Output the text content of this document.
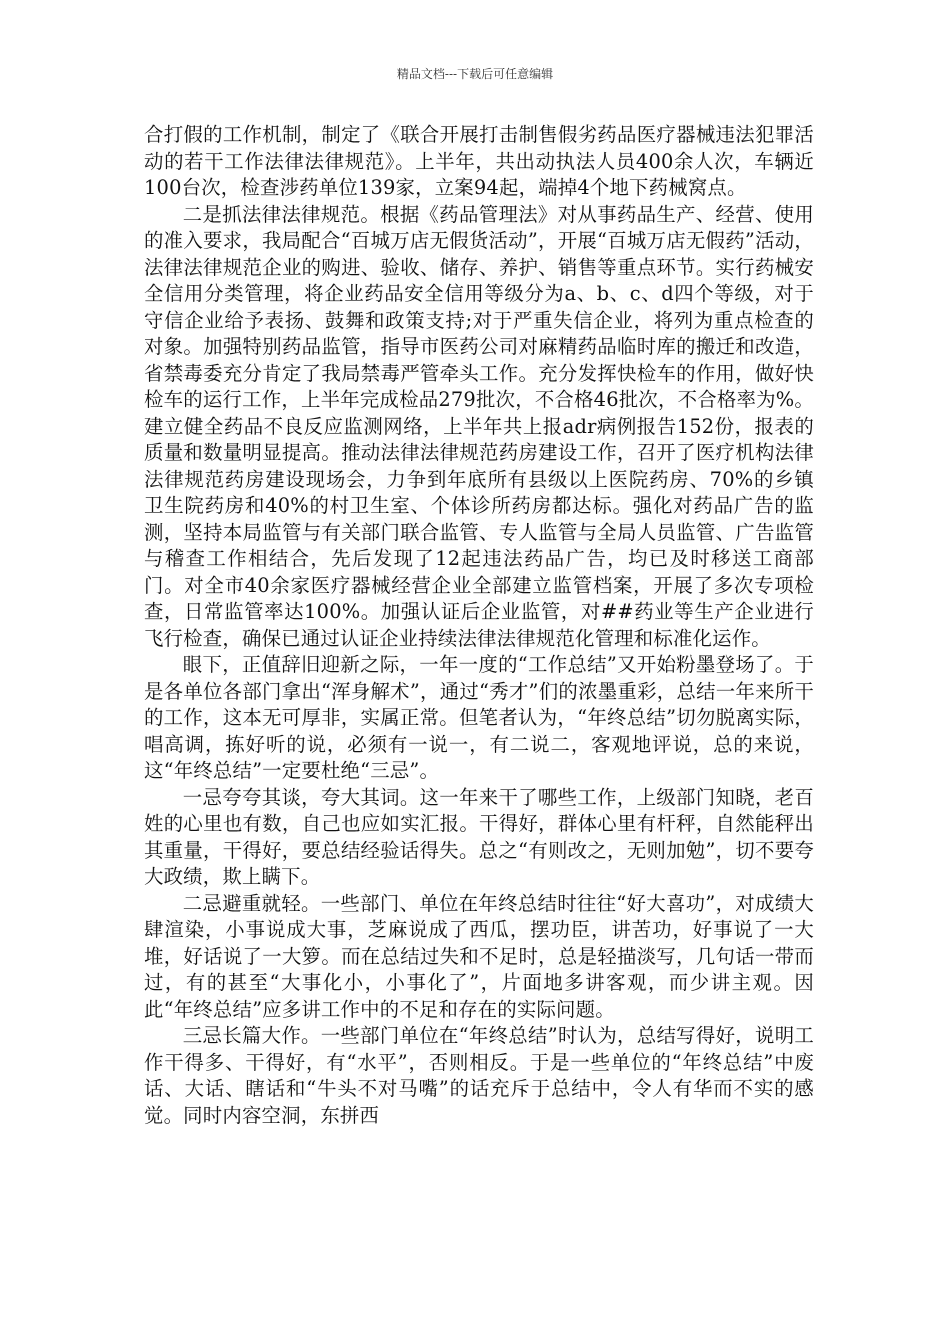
精品文档---下载后可任意编辑

合打假的工作机制，制定了《联合开展打击制售假劣药品医疗器械违法犯罪活动的若干工作法律法律规范》。上半年，共出动执法人员400余人次，车辆近 100台次，检查涉药单位139家，立案94起，端掉4个地下药械窝点。

二是抓法律法律规范。根据《药品管理法》对从事药品生产、经营、使用的准入要求，我局配合“百城万店无假货活动”，开展“百城万店无假药”活动，法律法律规范企业的购进、验收、储存、养护、销售等重点环节。实行药械安全信用分类管理，将企业药品安全信用等级分为a、b、c、d四个等级，对于守信企业给予表扬、鼓舞和政策支持;对于严重失信企业，将列为重点检查的对象。加强特别药品监管，指导市医药公司对麻精药品临时库的搬迁和改造，省禁毒委充分肯定了我局禁毒严管牵头工作。充分发挥快检车的作用，做好快检车的运行工作，上半年完成检品279批次，不合格46批次，不合格率为%。建立健全药品不良反应监测网络，上半年共上报adr病例报告152份，报表的质量和数量明显提高。推动法律法律规范药房建设工作，召开了医疗机构法律法律规范药房建设现场会，力争到年底所有县级以上医院药房、70%的乡镇卫生院药房和40%的村卫生室、个体诊所药房都达标。强化对药品广告的监测，坚持本局监管与有关部门联合监管、专人监管与全局人员监管、广告监管与稽查工作相结合，先后发现了12起违法药品广告，均已及时移送工商部门。对全市40余家医疗器械经营企业全部建立监管档案，开展了多次专项检查，日常监管率达100%。加强认证后企业监管，对##药业等生产企业进行飞行检查，确保已通过认证企业持续法律法律规范化管理和标准化运作。

眼下，正值辞旧迎新之际，一年一度的“工作总结”又开始粉墨登场了。于是各单位各部门拿出“浑身解术”，通过“秀才”们的浓墨重彩，总结一年来所干的工作，这本无可厚非，实属正常。但笔者认为，“年终总结”切勿脱离实际，唱高调，拣好听的说，必须有一说一，有二说二，客观地评说，总的来说，这“年终总结”一定要杜绝“三忌”。

一忌夸夸其谈，夸大其词。这一年来干了哪些工作，上级部门知晓，老百姓的心里也有数，自己也应如实汇报。干得好，群体心里有杆秤，自然能秤出其重量，干得好，要总结经验话得失。总之“有则改之，无则加勉”，切不要夸大政绩，欺上瞒下。

二忌避重就轻。一些部门、单位在年终总结时往往“好大喜功”，对成绩大肆渲染，小事说成大事，芝麻说成了西瓜，摆功臣，讲苦功，好事说了一大堆，好话说了一大箩。而在总结过失和不足时，总是轻描淡写，几句话一带而过，有的甚至“大事化小，小事化了”，片面地多讲客观，而少讲主观。因此“年终总结”应多讲工作中的不足和存在的实际问题。

三忌长篇大作。一些部门单位在“年终总结”时认为，总结写得好，说明工作干得多、干得好，有“水平”，否则相反。于是一些单位的“年终总结”中废话、大话、瞎话和“牛头不对马嘴”的话充斥于总结中，令人有华而不实的感觉。同时内容空洞，东拼西
